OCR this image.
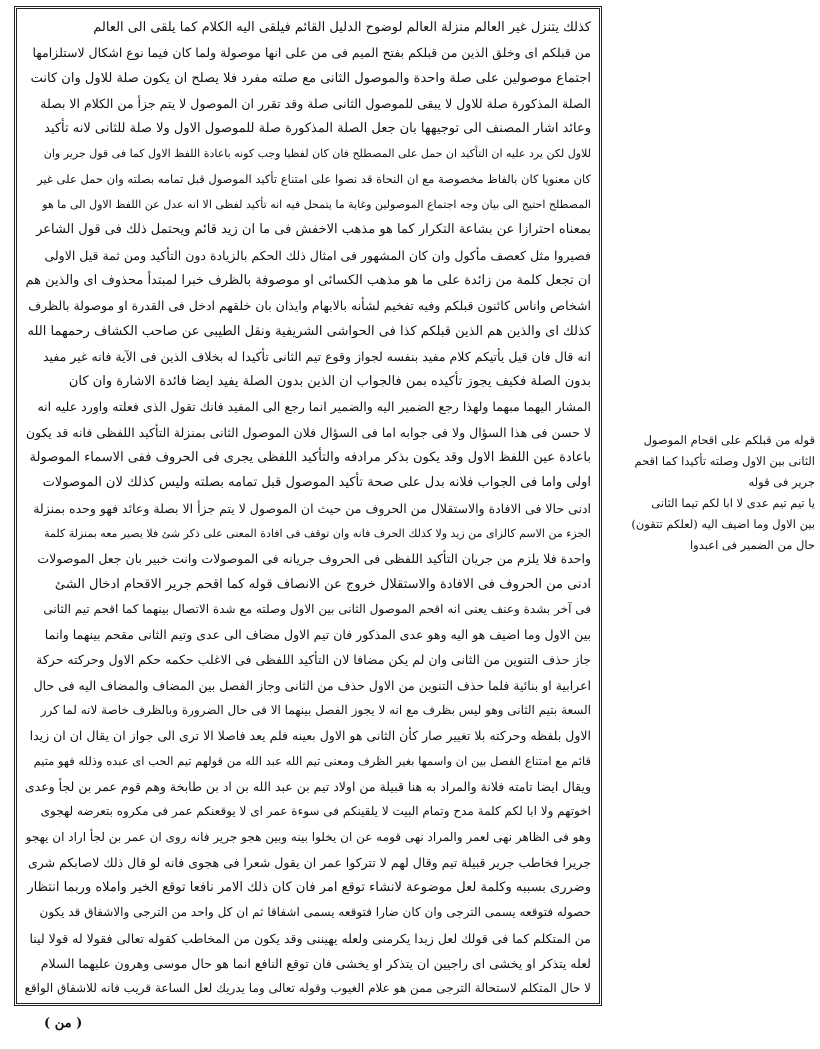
كذلك يتنزل غير العالم منزلة العالم لوضوح الدليل القائم فيلقى اليه الكلام كما يلقى الى العالم
من قبلكم اى وخلق الذين من قبلكم بفتح الميم فى من على انها موصولة ولما كان فيما نوع اشكال لاستلزامها
اجتماع موصولين على صلة واحدة والموصول الثانى مع صلته مفرد فلا يصلح ان يكون صلة للاول وان كانت
الصلة المذكورة صلة للاول لا يبقى للموصول الثانى صلة وقد تقرر ان الموصول لا يتم جزأ من الكلام الا بصلة
وعائد اشار المصنف الى توجيهها بان جعل الصلة المذكورة صلة للموصول الاول ولا صلة للثانى لانه تأكيد
للاول لكن يرد عليه ان التأكيد ان حمل على المصطلح فان كان لفظيا وجب كونه باعادة اللفظ الاول كما فى قول جرير وان
كان معنويا كان بالفاظ مخصوصة مع ان النحاة قد نصوا على امتناع تأكيد الموصول قبل تمامه بصلته وان حمل على غير
المصطلح احتيج الى بيان وجه اجتماع الموصولين وغاية ما يتمحل فيه انه تأكيد لفظى الا انه عدل عن اللفظ الاول الى ما هو
بمعناه احترازا عن بشاعة التكرار كما هو مذهب الاخفش فى ما ان زيد قائم ويحتمل ذلك فى قول الشاعر
فصيروا مثل كعصف مأكول وان كان المشهور فى امثال ذلك الحكم بالزيادة دون التأكيد ومن ثمة قيل الاولى
ان تجعل كلمة من زائدة على ما هو مذهب الكسائى او موصوفة بالظرف خبرا لمبتدأ محذوف اى والذين هم
اشخاص واناس كائنون قبلكم وفيه تفخيم لشأنه بالابهام وايذان بان خلقهم ادخل فى القدرة او موصولة بالظرف
كذلك اى والذين هم الذين قبلكم كذا فى الحواشى الشريفية ونقل الطيبى عن صاحب الكشاف رحمهما الله
انه قال فان قيل يأتيكم كلام مفيد بنفسه لجواز وقوع تيم الثانى تأكيدا له بخلاف الذين فى الآية فانه غير مفيد
بدون الصلة فكيف يجوز تأكيده بمن فالجواب ان الذين بدون الصلة يفيد ايضا فائدة الاشارة وان كان
المشار اليهما مبهما ولهذا رجع الضمير اليه والضمير انما رجع الى المفيد فانك تقول الذى فعلته واورد عليه انه
لا حسن فى هذا السؤال ولا فى جوابه اما فى السؤال فلان الموصول الثانى بمنزلة التأكيد اللفظى فانه قد يكون
باعادة عين اللفظ الاول وقد يكون بذكر مرادفه والتأكيد اللفظى يجرى فى الحروف ففى الاسماء الموصولة
اولى واما فى الجواب فلانه بدل على صحة تأكيد الموصول قبل تمامه بصلته وليس كذلك لان الموصولات
ادنى حالا فى الافادة والاستقلال من الحروف من حيث ان الموصول لا يتم جزأ الا بصلة وعائد فهو وحده بمنزلة
الجزء من الاسم كالزاى من زيد ولا كذلك الحرف فانه وان توقف فى افادة المعنى على ذكر شئ فلا يصير معه بمنزلة كلمة
واحدة فلا يلزم من جريان التأكيد اللفظى فى الحروف جريانه فى الموصولات وانت خبير بان جعل الموصولات
ادنى من الحروف فى الافادة والاستقلال خروج عن الانصاف قوله كما اقحم جرير الاقحام ادخال الشئ
فى آخر بشدة وعنف يعنى انه اقحم الموصول الثانى بين الاول وصلته مع شدة الاتصال بينهما كما اقحم تيم الثانى
بين الاول وما اضيف هو اليه وهو عدى المذكور فان تيم الاول مضاف الى عدى وتيم الثانى مقحم بينهما وانما
جاز حذف التنوين من الثانى وان لم يكن مضافا لان التأكيد اللفظى فى الاغلب حكمه حكم الاول وحركته حركة
اعرابية او بنائية فلما حذف التنوين من الاول حذف من الثانى وجاز الفصل بين المضاف والمضاف اليه فى حال
السعة بتيم الثانى وهو ليس بظرف مع انه لا يجوز الفصل بينهما الا فى حال الضرورة وبالظرف خاصة لانه لما كرر
الاول بلفظه وحركته بلا تغيير صار كأن الثانى هو الاول بعينه فلم يعد فاصلا الا ترى الى جواز ان يقال ان ان زيدا
قائم مع امتناع الفصل بين ان واسمها بغير الظرف ومعنى تيم الله عبد الله من قولهم تيم الحب اى عبده وذلله فهو متيم
ويقال ايضا تامته فلانة والمراد به هنا قبيلة من اولاد تيم بن عبد الله بن اد بن طابخة وهم قوم عمر بن لجأ وعدى
اخوتهم ولا ابا لكم كلمة مدح وتمام البيت لا يلقينكم فى سوءة عمر اى لا يوقعنكم عمر فى مكروه بتعرضه لهجوى
وهو فى الظاهر نهى لعمر والمراد نهى قومه عن ان يخلوا بينه وبين هجو جرير فانه روى ان عمر بن لجأ اراد ان يهجو
جريرا فخاطب جرير قبيلة تيم وقال لهم لا تتركوا عمر ان يقول شعرا فى هجوى فانه لو قال ذلك لاصابكم شرى
وضررى بسببه وكلمة لعل موضوعة لانشاء توقع امر فان كان ذلك الامر نافعا توقع الخير واملاه وربما انتظار
حصوله فتوقعه يسمى الترجى وان كان ضارا فتوقعه يسمى اشفاقا ثم ان كل واحد من الترجى والاشفاق قد يكون
من المتكلم كما فى قولك لعل زيدا يكرمنى ولعله يهيننى وقد يكون من المخاطب كقوله تعالى فقولا له قولا لينا
لعله يتذكر او يخشى اى راجيين ان يتذكر او يخشى فان توقع النافع انما هو حال موسى وهرون عليهما السلام
لا حال المتكلم لاستحالة الترجى ممن هو علام الغيوب وقوله تعالى وما يدريك لعل الساعة قريب فانه للاشفاق الواقع
قوله من قبلكم على اقحام الموصول
الثانى بين الاول وصلته تأكيدا كما اقحم
جرير فى قوله
يا تيم تيم عدى لا ابا لكم تيما الثانى
بين الاول وما اضيف اليه (لعلكم تتقون)
حال من الضمير فى اعبدوا
( من )
